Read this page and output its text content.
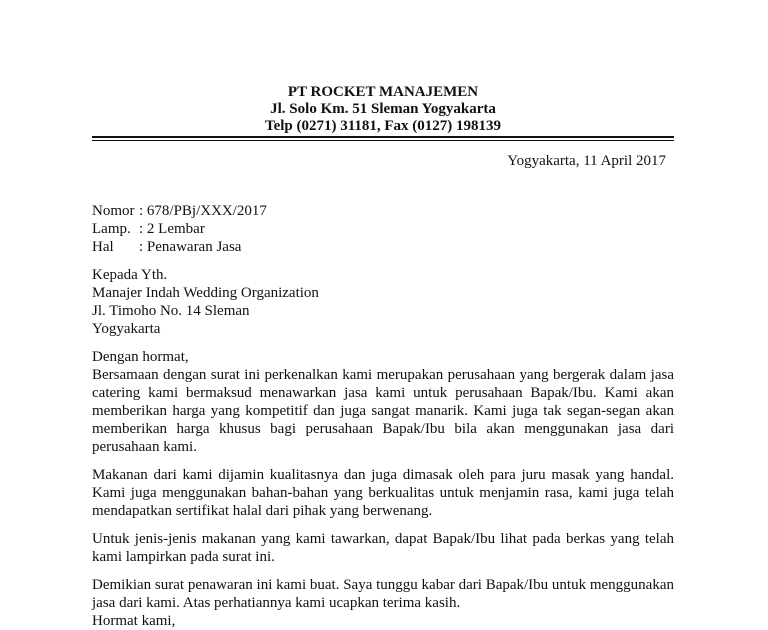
PT ROCKET MANAJEMEN
Jl. Solo Km. 51 Sleman Yogyakarta
Telp (0271) 31181, Fax (0127) 198139
Yogyakarta, 11 April 2017
Nomor : 678/PBj/XXX/2017
Lamp. : 2 Lembar
Hal	: Penawaran Jasa
Kepada Yth.
Manajer Indah Wedding Organization
Jl. Timoho No. 14 Sleman
Yogyakarta
Dengan hormat,

Bersamaan dengan surat ini perkenalkan kami merupakan perusahaan yang bergerak dalam jasa catering kami bermaksud menawarkan jasa kami untuk perusahaan Bapak/Ibu. Kami akan memberikan harga yang kompetitif dan juga sangat manarik. Kami juga tak segan-segan akan memberikan harga khusus bagi perusahaan Bapak/Ibu bila akan menggunakan jasa dari perusahaan kami.

Makanan dari kami dijamin kualitasnya dan juga dimasak oleh para juru masak yang handal. Kami juga menggunakan bahan-bahan yang berkualitas untuk menjamin rasa, kami juga telah mendapatkan sertifikat halal dari pihak yang berwenang.

Untuk jenis-jenis makanan yang kami tawarkan, dapat Bapak/Ibu lihat pada berkas yang telah kami lampirkan pada surat ini.

Demikian surat penawaran ini kami buat. Saya tunggu kabar dari Bapak/Ibu untuk menggunakan jasa dari kami. Atas perhatiannya kami ucapkan terima kasih.

Hormat kami,
